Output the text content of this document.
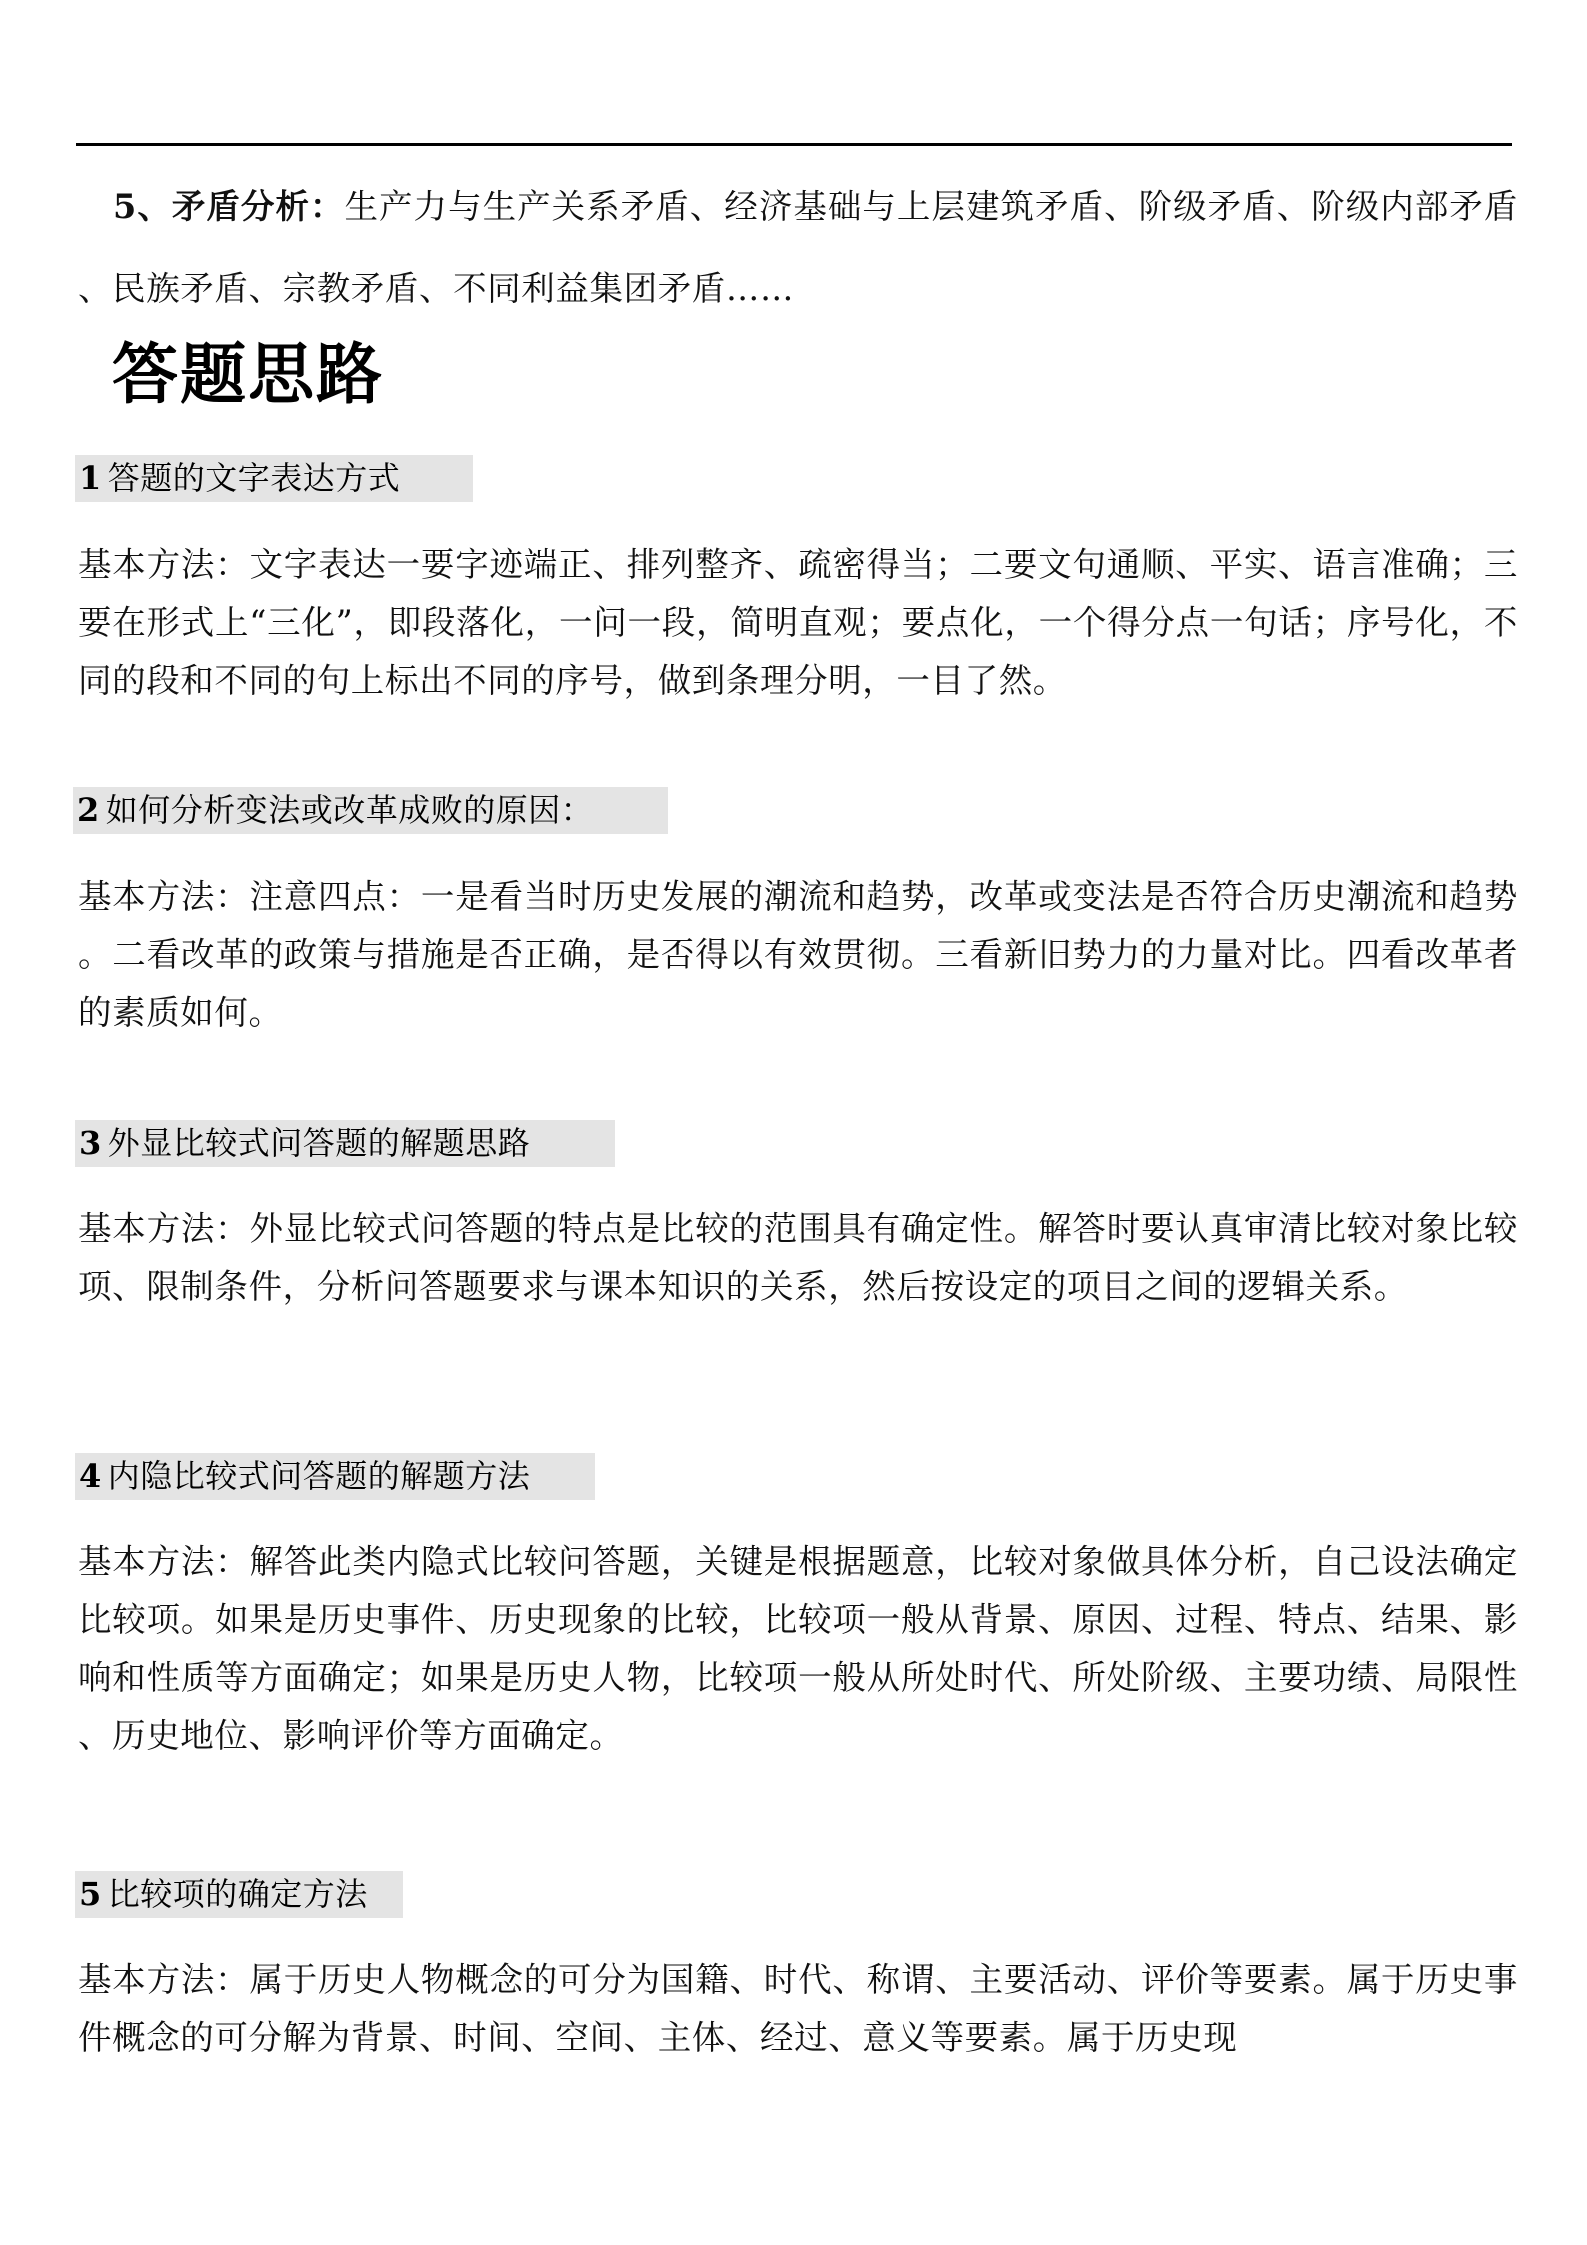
5、矛盾分析：生产力与生产关系矛盾、经济基础与上层建筑矛盾、阶级矛盾、阶级内部矛盾、民族矛盾、宗教矛盾、不同利益集团矛盾……

答题思路
1 答题的文字表达方式

基本方法：文字表达一要字迹端正、排列整齐、疏密得当；二要文句通顺、平实、语言准确；三要在形式上“三化”，即段落化，一问一段，简明直观；要点化，一个得分点一句话；序号化，不同的段和不同的句上标出不同的序号，做到条理分明，一目了然。

2 如何分析变法或改革成败的原因：

基本方法：注意四点：一是看当时历史发展的潮流和趋势，改革或变法是否符合历史潮流和趋势。二看改革的政策与措施是否正确，是否得以有效贯彻。三看新旧势力的力量对比。四看改革者的素质如何。

3 外显比较式问答题的解题思路

基本方法：外显比较式问答题的特点是比较的范围具有确定性。解答时要认真审清比较对象比较项、限制条件，分析问答题要求与课本知识的关系，然后按设定的项目之间的逻辑关系。

4 内隐比较式问答题的解题方法

基本方法：解答此类内隐式比较问答题，关键是根据题意，比较对象做具体分析，自己设法确定比较项。如果是历史事件、历史现象的比较，比较项一般从背景、原因、过程、特点、结果、影响和性质等方面确定；如果是历史人物，比较项一般从所处时代、所处阶级、主要功绩、局限性、历史地位、影响评价等方面确定。

5 比较项的确定方法

基本方法：属于历史人物概念的可分为国籍、时代、称谓、主要活动、评价等要素。属于历史事件概念的可分解为背景、时间、空间、主体、经过、意义等要素。属于历史现
